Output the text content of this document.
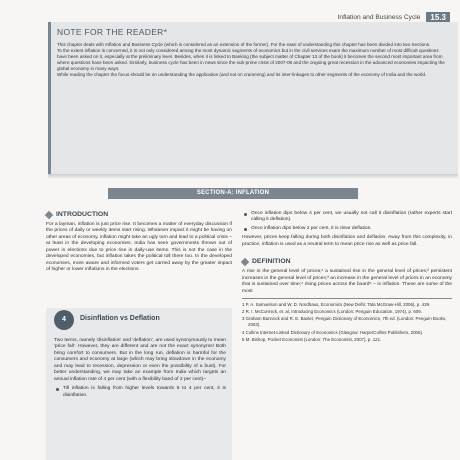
Inflation and Business Cycle	15.3
NOTE FOR THE READER*

This chapter deals with Inflation and Business Cycle (which is considered as an extension of the former). For the ease of understanding this chapter has been divided into two Sections.

To the extent inflation is concerned, it is not only considered among the most dynamic segments of economics but in the civil services exam the maximum number of most difficult questions have been asked on it, especially at the preliminary level. Besides, when it is linked to Banking (the subject matter of Chapter 13 of the book) it becomes the second most important area from where questions have been asked. Similarly, business cycle has been in news since the sub-prime crisis of 2007-08 and the ongoing great recession in the advanced economies impacting the global economy in many ways.

While reading the chapter the focus should be on understanding the application (and not on cramming) and its inter-linkages to other segments of the economy of India and the world.

SECTION-A: INFLATION
INTRODUCTION
For a layman, inflation is just price rise. It becomes a matter of everyday discussion if the prices of daily or weekly items start rising. Whatever impact it might be having on other areas of economy, inflation might take an ugly turn and lead to a political crisis – at least in the developing economies. India has seen governments thrown out of power in elections due to price rise in daily-use items. This is not the case in the developed economies, but inflation takes the political toll there too. In the developed economies, more aware and informed voters get carried away by the greater impact of higher or lower inflations in the elections.
4	Disinflation vs Deflation
Two terms, namely 'disinflation' and 'deflation', are used synonymously to mean 'price fall'. However, they are different and are not the exact synonyms! Both bring comfort to consumers. But in the long run, deflation is harmful for the consumers and economy at large (which may bring slowdown in the economy and may lead to recession, depression or even the possibility of a bust). For better understanding, we may take an example from India which targets an annual inflation rate of 4 per cent (with a flexibility band of 2 per cent)–
Till inflation is falling from higher levels towards 6 to 4 per cent, it is disinflation.
Once inflation dips below 4 per cent, we usually not call it disinflation (rather experts start calling it deflation).
Once inflation dips below 2 per cent, it is clear deflation.
However, prices keep falling during both disinflation and deflation. Away from this complexity, in practice, inflation is used as a neutral term to mean price rise as well as price fall.
DEFINITION
A rise in the general level of prices;¹ a sustained rise in the general level of prices;² persistent increases in the general level of prices;³ an increase in the general level of prices in an economy that is sustained over time;⁴ rising prices across the board⁵ – is inflation. These are some of the most

1 P. A. Samuelson and W. D. Nordhaus, Economics (New Delhi: Tata McGraw-Hill, 2006), p. 439.

2 R. I. McCormick, et. al, Introducing Economics (London: Penguin Education, 1974), p. 609.

3 Graham Bannock and R. E. Baxter, Penguin Dictionary of Economics, 7th ed. (London: Penguin Books, 2003).

4 Collins Internet-Linked Dictionary of Economics (Glasgow: HarperCollins Publishers, 2006).

5 M. Bishop, Pocket Economist (London: The Economist, 2007), p. 121.
